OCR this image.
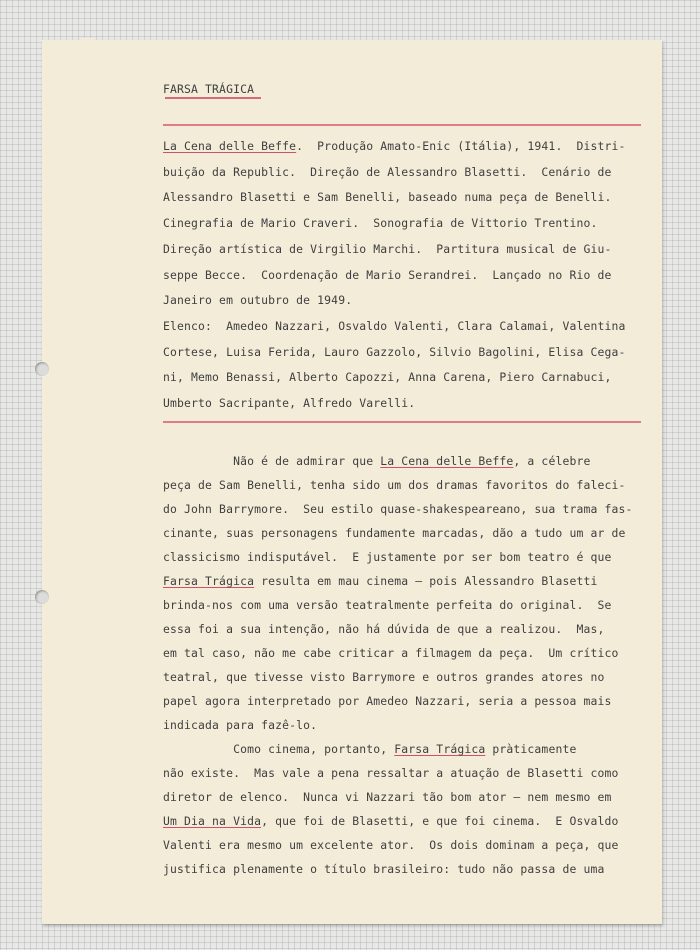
FARSA TRÁGICA
La Cena delle Beffe.  Produção Amato-Enic (Itália), 1941.  Distri-
buição da Republic.  Direção de Alessandro Blasetti.  Cenário de
Alessandro Blasetti e Sam Benelli, baseado numa peça de Benelli.
Cinegrafia de Mario Craveri.  Sonografia de Vittorio Trentino.
Direção artística de Virgilio Marchi.  Partitura musical de Giu-
seppe Becce.  Coordenação de Mario Serandrei.  Lançado no Rio de
Janeiro em outubro de 1949.
Elenco:  Amedeo Nazzari, Osvaldo Valenti, Clara Calamai, Valentina
Cortese, Luisa Ferida, Lauro Gazzolo, Silvio Bagolini, Elisa Cega-
ni, Memo Benassi, Alberto Capozzi, Anna Carena, Piero Carnabuci,
Umberto Sacripante, Alfredo Varelli.
Não é de admirar que La Cena delle Beffe, a célebre
peça de Sam Benelli, tenha sido um dos dramas favoritos do faleci-
do John Barrymore.  Seu estilo quase-shakespeareano, sua trama fas-
cinante, suas personagens fundamente marcadas, dão a tudo um ar de
classicismo indisputável.  E justamente por ser bom teatro é que
Farsa Trágica resulta em mau cinema — pois Alessandro Blasetti
brinda-nos com uma versão teatralmente perfeita do original.  Se
essa foi a sua intenção, não há dúvida de que a realizou.  Mas,
em tal caso, não me cabe criticar a filmagem da peça.  Um crítico
teatral, que tivesse visto Barrymore e outros grandes atores no
papel agora interpretado por Amedeo Nazzari, seria a pessoa mais
indicada para fazê-lo.
Como cinema, portanto, Farsa Trágica pràticamente
não existe.  Mas vale a pena ressaltar a atuação de Blasetti como
diretor de elenco.  Nunca vi Nazzari tão bom ator — nem mesmo em
Um Dia na Vida, que foi de Blasetti, e que foi cinema.  E Osvaldo
Valenti era mesmo um excelente ator.  Os dois dominam a peça, que
justifica plenamente o título brasileiro: tudo não passa de uma
